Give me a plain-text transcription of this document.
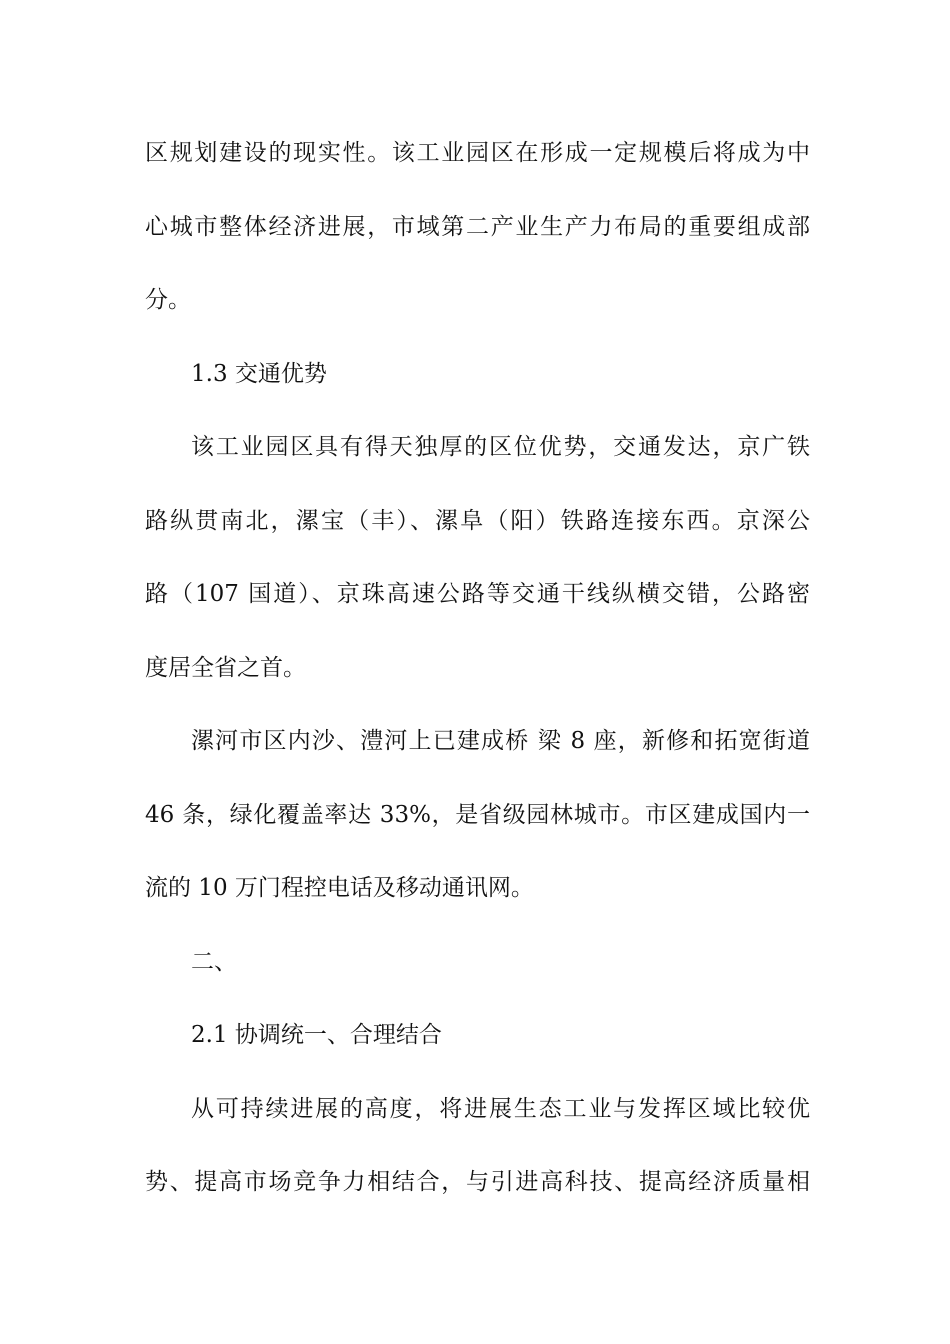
区规划建设的现实性。该工业园区在形成一定规模后将成为中
心城市整体经济进展，市域第二产业生产力布局的重要组成部
分。
1.3 交通优势
该工业园区具有得天独厚的区位优势，交通发达，京广铁
路纵贯南北，漯宝（丰）、漯阜（阳）铁路连接东西。京深公
路（107 国道）、京珠高速公路等交通干线纵横交错，公路密
度居全省之首。
漯河市区内沙、澧河上已建成桥 梁 8 座，新修和拓宽街道
46 条，绿化覆盖率达 33%，是省级园林城市。市区建成国内一
流的 10 万门程控电话及移动通讯网。
二、
2.1 协调统一、合理结合
从可持续进展的高度，将进展生态工业与发挥区域比较优
势、提高市场竞争力相结合，与引进高科技、提高经济质量相
